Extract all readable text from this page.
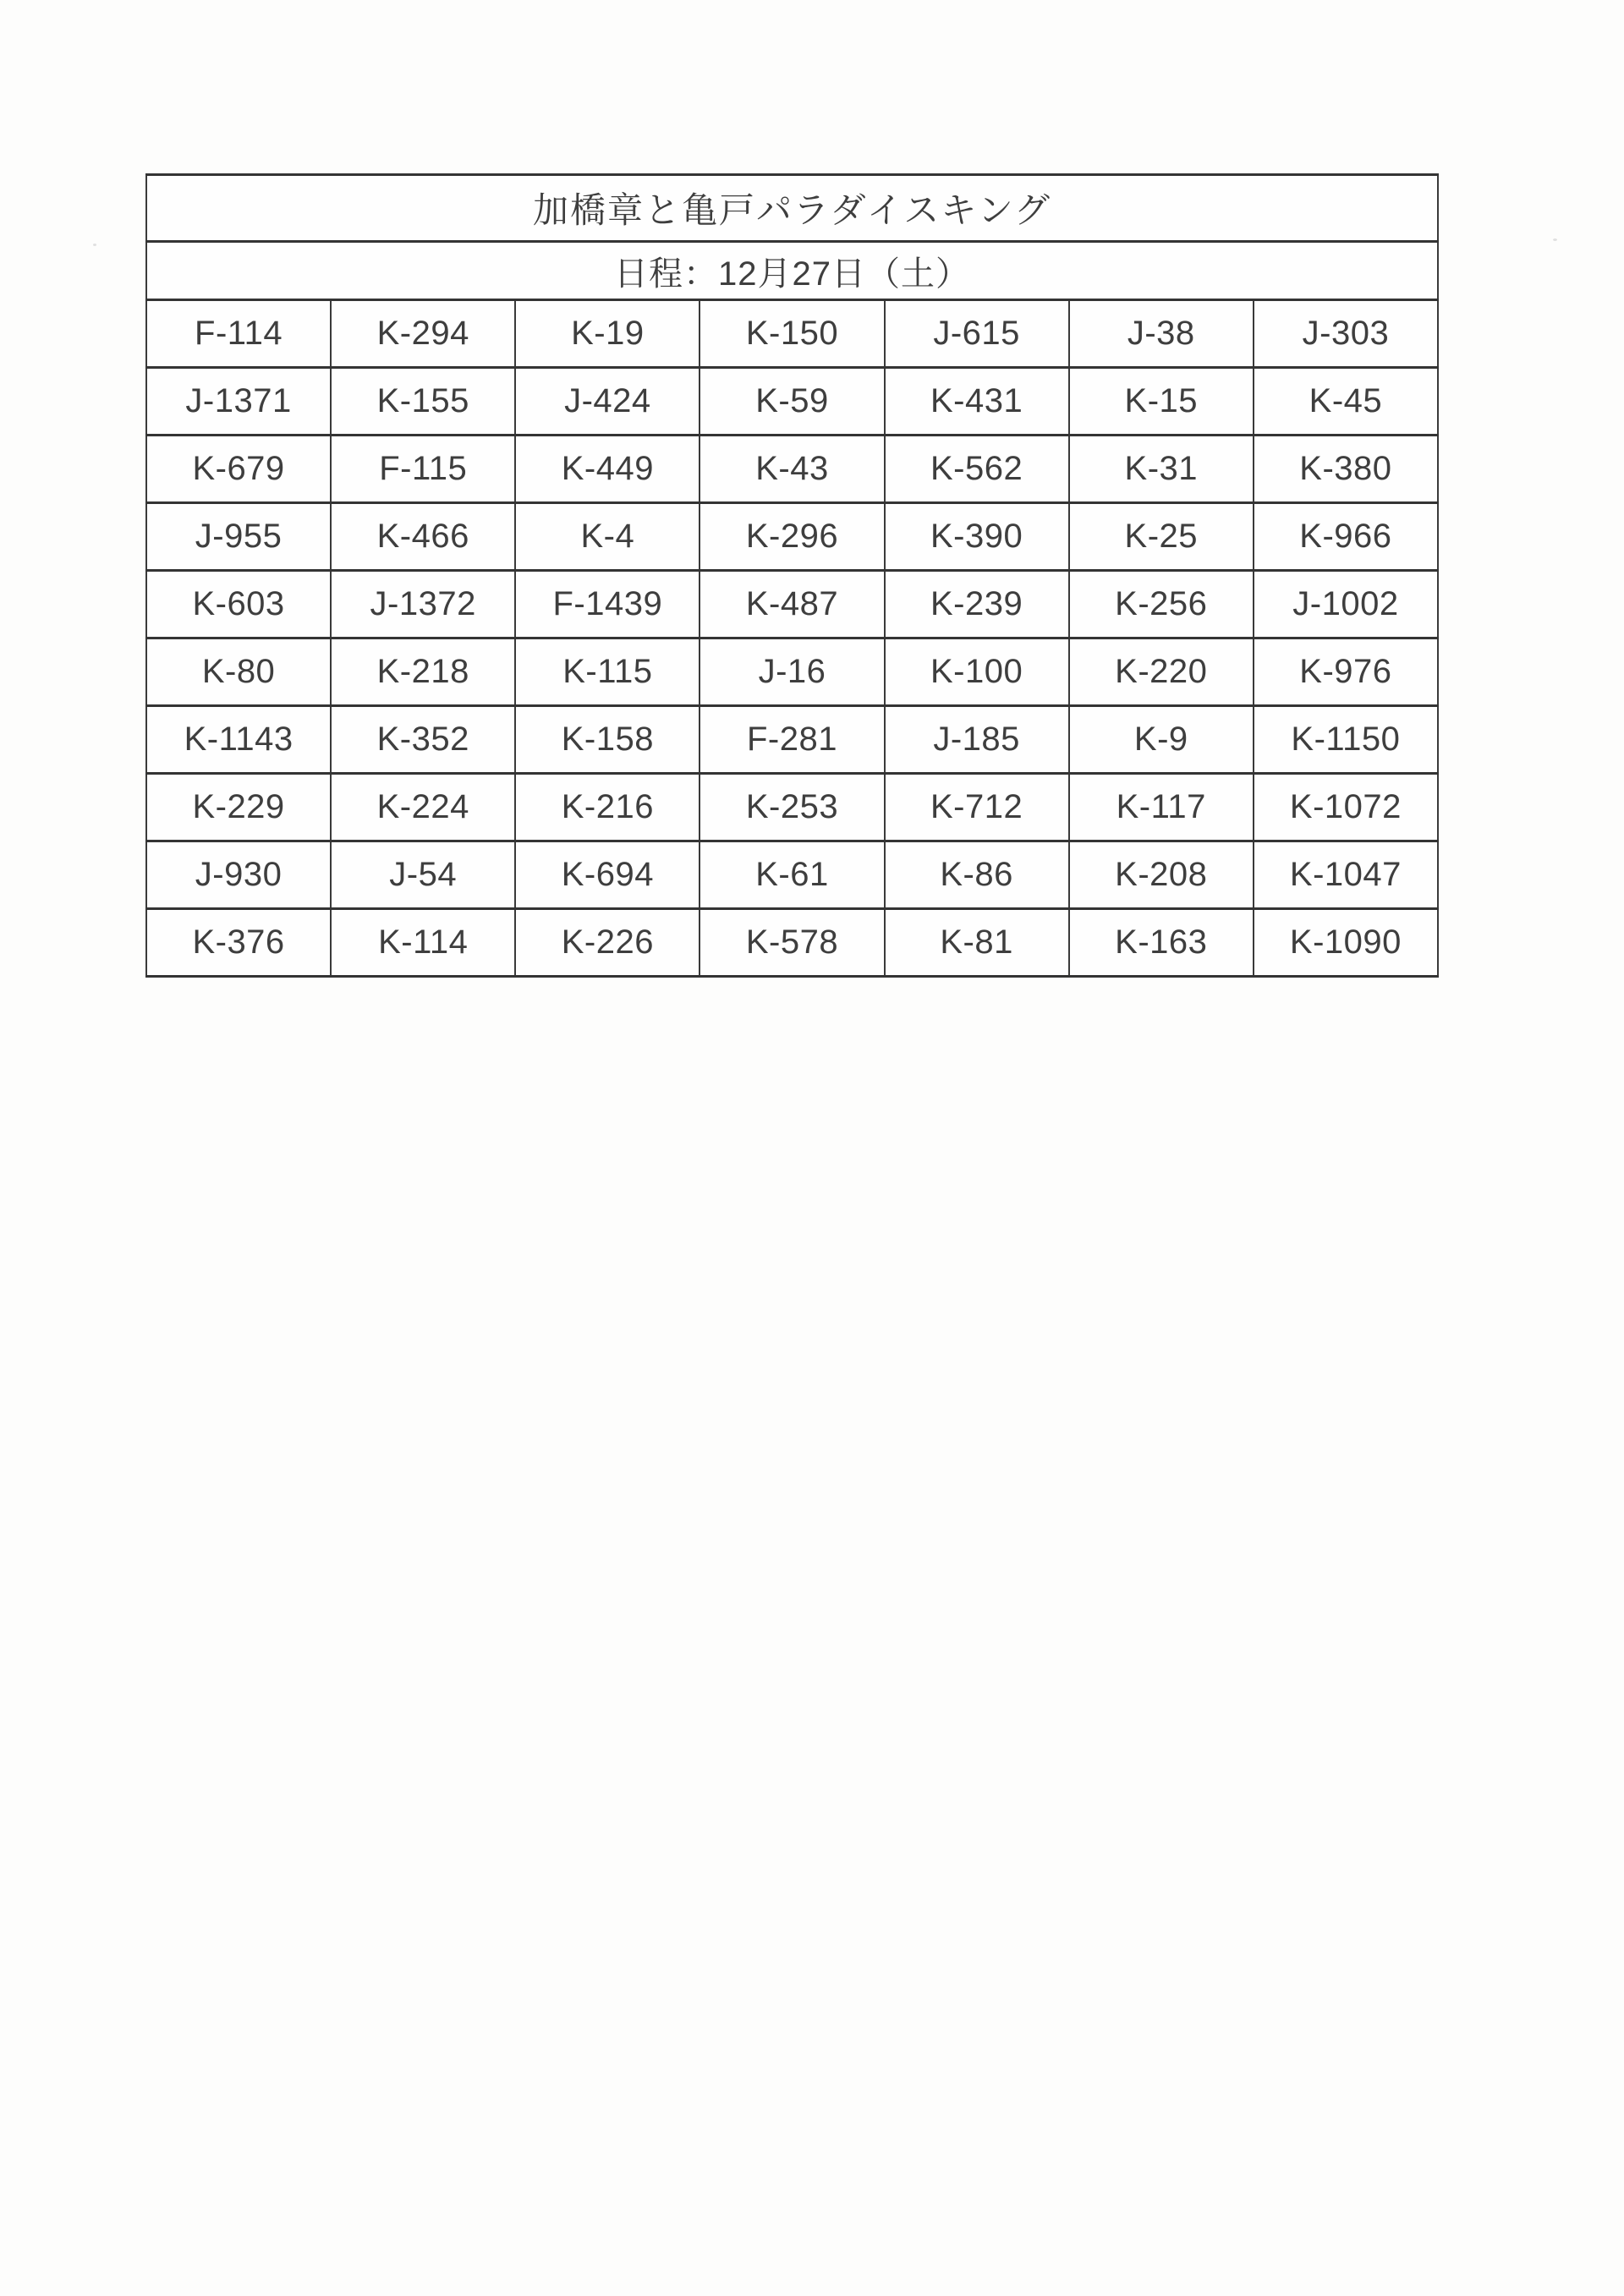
加橋章と亀戸パラダイスキング						
日程：12月27日（土）						
F-114	K-294	K-19	K-150	J-615	J-38	J-303
J-1371	K-155	J-424	K-59	K-431	K-15	K-45
K-679	F-115	K-449	K-43	K-562	K-31	K-380
J-955	K-466	K-4	K-296	K-390	K-25	K-966
K-603	J-1372	F-1439	K-487	K-239	K-256	J-1002
K-80	K-218	K-115	J-16	K-100	K-220	K-976
K-1143	K-352	K-158	F-281	J-185	K-9	K-1150
K-229	K-224	K-216	K-253	K-712	K-117	K-1072
J-930	J-54	K-694	K-61	K-86	K-208	K-1047
K-376	K-114	K-226	K-578	K-81	K-163	K-1090
